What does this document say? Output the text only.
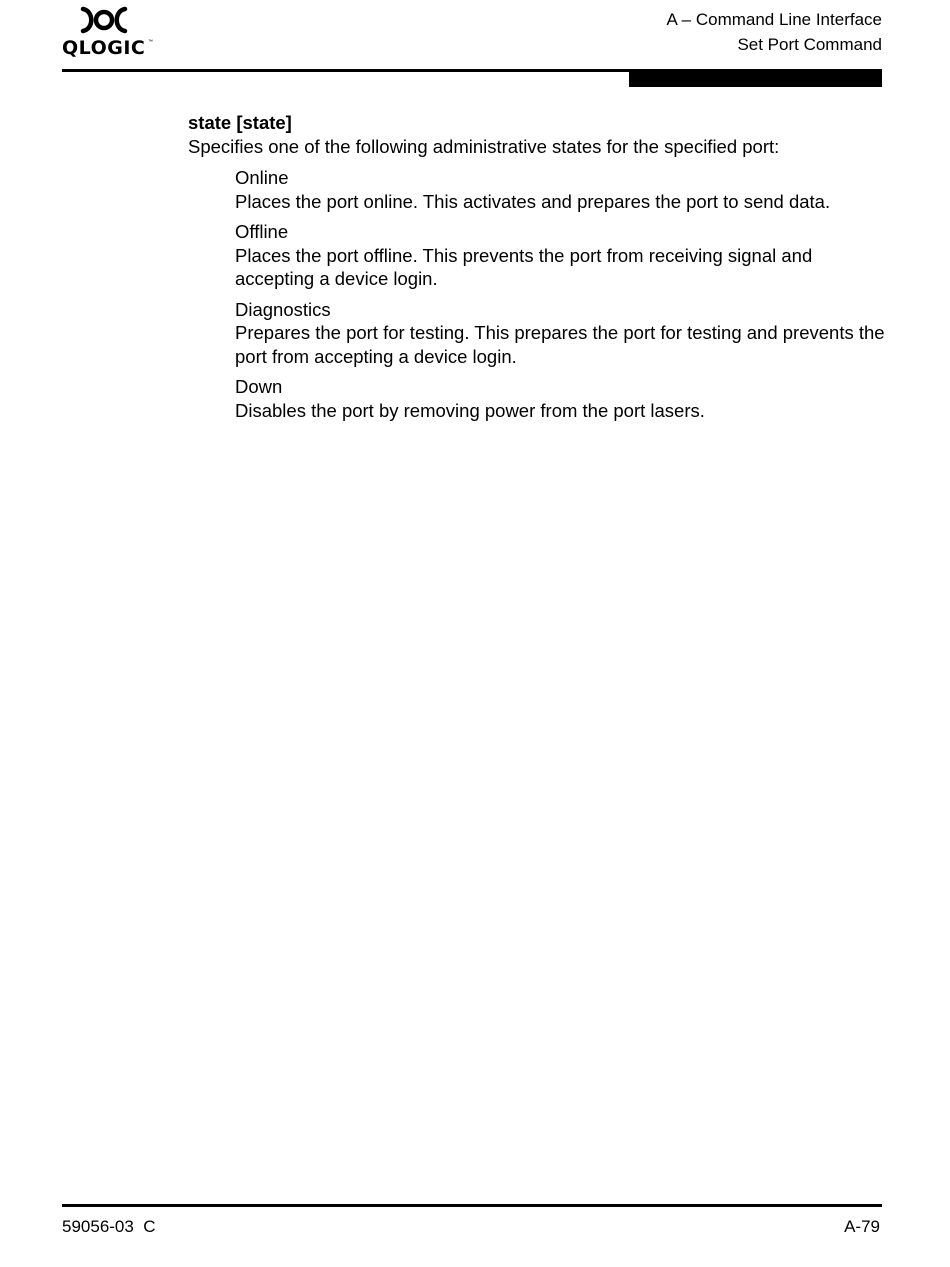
QLOGIC ™
A – Command Line Interface
Set Port Command
state [state]
Specifies one of the following administrative states for the specified port:
Online
Places the port online. This activates and prepares the port to send data.
Offline
Places the port offline. This prevents the port from receiving signal and accepting a device login.
Diagnostics
Prepares the port for testing. This prepares the port for testing and prevents the port from accepting a device login.
Down
Disables the port by removing power from the port lasers.
59056-03  C	A-79
